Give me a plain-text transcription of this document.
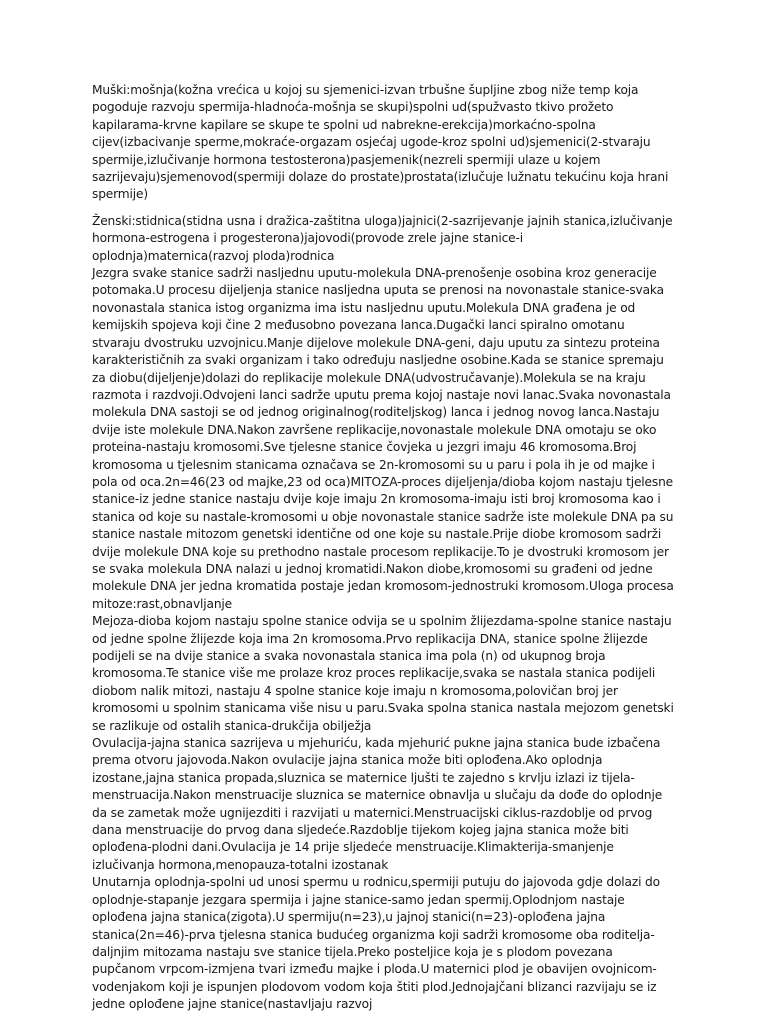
Muški:mošnja(kožna vrećica u kojoj su sjemenici-izvan trbušne šupljine zbog niže temp koja pogoduje razvoju spermija-hladnoća-mošnja se skupi)spolni ud(spužvasto tkivo prožeto kapilarama-krvne kapilare se skupe te spolni ud nabrekne-erekcija)morkaćno-spolna cijev(izbacivanje sperme,mokraće-orgazam osjećaj ugode-kroz spolni ud)sjemenici(2-stvaraju spermije,izlučivanje hormona testosterona)pasjemenik(nezreli spermiji ulaze u kojem sazrijevaju)sjemenovod(spermiji dolaze do prostate)prostata(izlučuje lužnatu tekućinu koja hrani spermije)

Ženski:stidnica(stidna usna i dražica-zaštitna uloga)jajnici(2-sazrijevanje jajnih stanica,izlučivanje hormona-estrogena i progesterona)jajovodi(provode zrele jajne stanice-i oplodnja)maternica(razvoj ploda)rodnica

Jezgra svake stanice sadrži nasljednu uputu-molekula DNA-prenošenje osobina kroz generacije potomaka.U procesu dijeljenja stanice nasljedna uputa se prenosi na novonastale stanice-svaka novonastala stanica istog organizma ima istu nasljednu uputu.Molekula DNA građena je od kemijskih spojeva koji čine 2 međusobno povezana lanca.Dugački lanci spiralno omotanu stvaraju dvostruku uzvojnicu.Manje dijelove molekule DNA-geni, daju uputu za sintezu proteina karakterističnih za svaki organizam i tako određuju nasljedne osobine.Kada se stanice spremaju za diobu(dijeljenje)dolazi do replikacije molekule DNA(udvostručavanje).Molekula se na kraju razmota i razdvoji.Odvojeni lanci sadrže uputu prema kojoj nastaje novi lanac.Svaka novonastala molekula DNA sastoji se od jednog originalnog(roditeljskog) lanca i jednog novog lanca.Nastaju dvije iste molekule DNA.Nakon završene replikacije,novonastale molekule DNA omotaju se oko proteina-nastaju kromosomi.Sve tjelesne stanice čovjeka u jezgri imaju 46 kromosoma.Broj kromosoma u tjelesnim stanicama označava se 2n-kromosomi su u paru i pola ih je od majke i pola od oca.2n=46(23 od majke,23 od oca)MITOZA-proces dijeljenja/dioba kojom nastaju tjelesne stanice-iz jedne stanice nastaju dvije koje imaju 2n kromosoma-imaju isti broj kromosoma kao i stanica od koje su nastale-kromosomi u obje novonastale stanice sadrže iste molekule DNA pa su stanice nastale mitozom genetski identične od one koje su nastale.Prije diobe kromosom sadrži dvije molekule DNA koje su prethodno nastale procesom replikacije.To je dvostruki kromosom jer se svaka molekula DNA nalazi u jednoj kromatidi.Nakon diobe,kromosomi su građeni od jedne molekule DNA jer jedna kromatida postaje jedan kromosom-jednostruki kromosom.Uloga procesa mitoze:rast,obnavljanje

Mejoza-dioba kojom nastaju spolne stanice odvija se u spolnim žlijezdama-spolne stanice nastaju od jedne spolne žlijezde koja ima 2n kromosoma.Prvo replikacija DNA, stanice spolne žlijezde podijeli se na dvije stanice a svaka novonastala stanica ima pola (n) od ukupnog broja kromosoma.Te stanice više me prolaze kroz proces replikacije,svaka se nastala stanica podijeli diobom nalik mitozi, nastaju 4 spolne stanice koje imaju n kromosoma,polovičan broj jer kromosomi u spolnim stanicama više nisu u paru.Svaka spolna stanica nastala mejozom genetski se razlikuje od ostalih stanica-drukčija obilježja

Ovulacija-jajna stanica sazrijeva u mjehuriću, kada mjehurić pukne jajna stanica bude izbačena prema otvoru jajovoda.Nakon ovulacije jajna stanica može biti oplođena.Ako oplodnja izostane,jajna stanica propada,sluznica se maternice ljušti te zajedno s krvlju izlazi iz tijela-menstruacija.Nakon menstruacije sluznica se maternice obnavlja u slučaju da dođe do oplodnje da se zametak može ugnijezditi i razvijati u maternici.Menstruacijski ciklus-razdoblje od prvog dana menstruacije do prvog dana sljedeće.Razdoblje tijekom kojeg jajna stanica može biti oplođena-plodni dani.Ovulacija je 14 prije sljedeće menstruacije.Klimakterija-smanjenje izlučivanja hormona,menopauza-totalni izostanak

Unutarnja oplodnja-spolni ud unosi spermu u rodnicu,spermiji putuju do jajovoda gdje dolazi do oplodnje-stapanje jezgara spermija i jajne stanice-samo jedan spermij.Oplodnjom nastaje oplođena jajna stanica(zigota).U spermiju(n=23),u jajnoj stanici(n=23)-oplođena jajna stanica(2n=46)-prva tjelesna stanica budućeg organizma koji sadrži kromosome oba roditelja-daljnjim mitozama nastaju sve stanice tijela.Preko posteljice koja je s plodom povezana pupčanom vrpcom-izmjena tvari između majke i ploda.U maternici plod je obavijen ovojnicom-vodenjakom koji je ispunjen plodovom vodom koja štiti plod.Jednojajčani blizanci razvijaju se iz jedne oplođene jajne stanice(nastavljaju razvoj
